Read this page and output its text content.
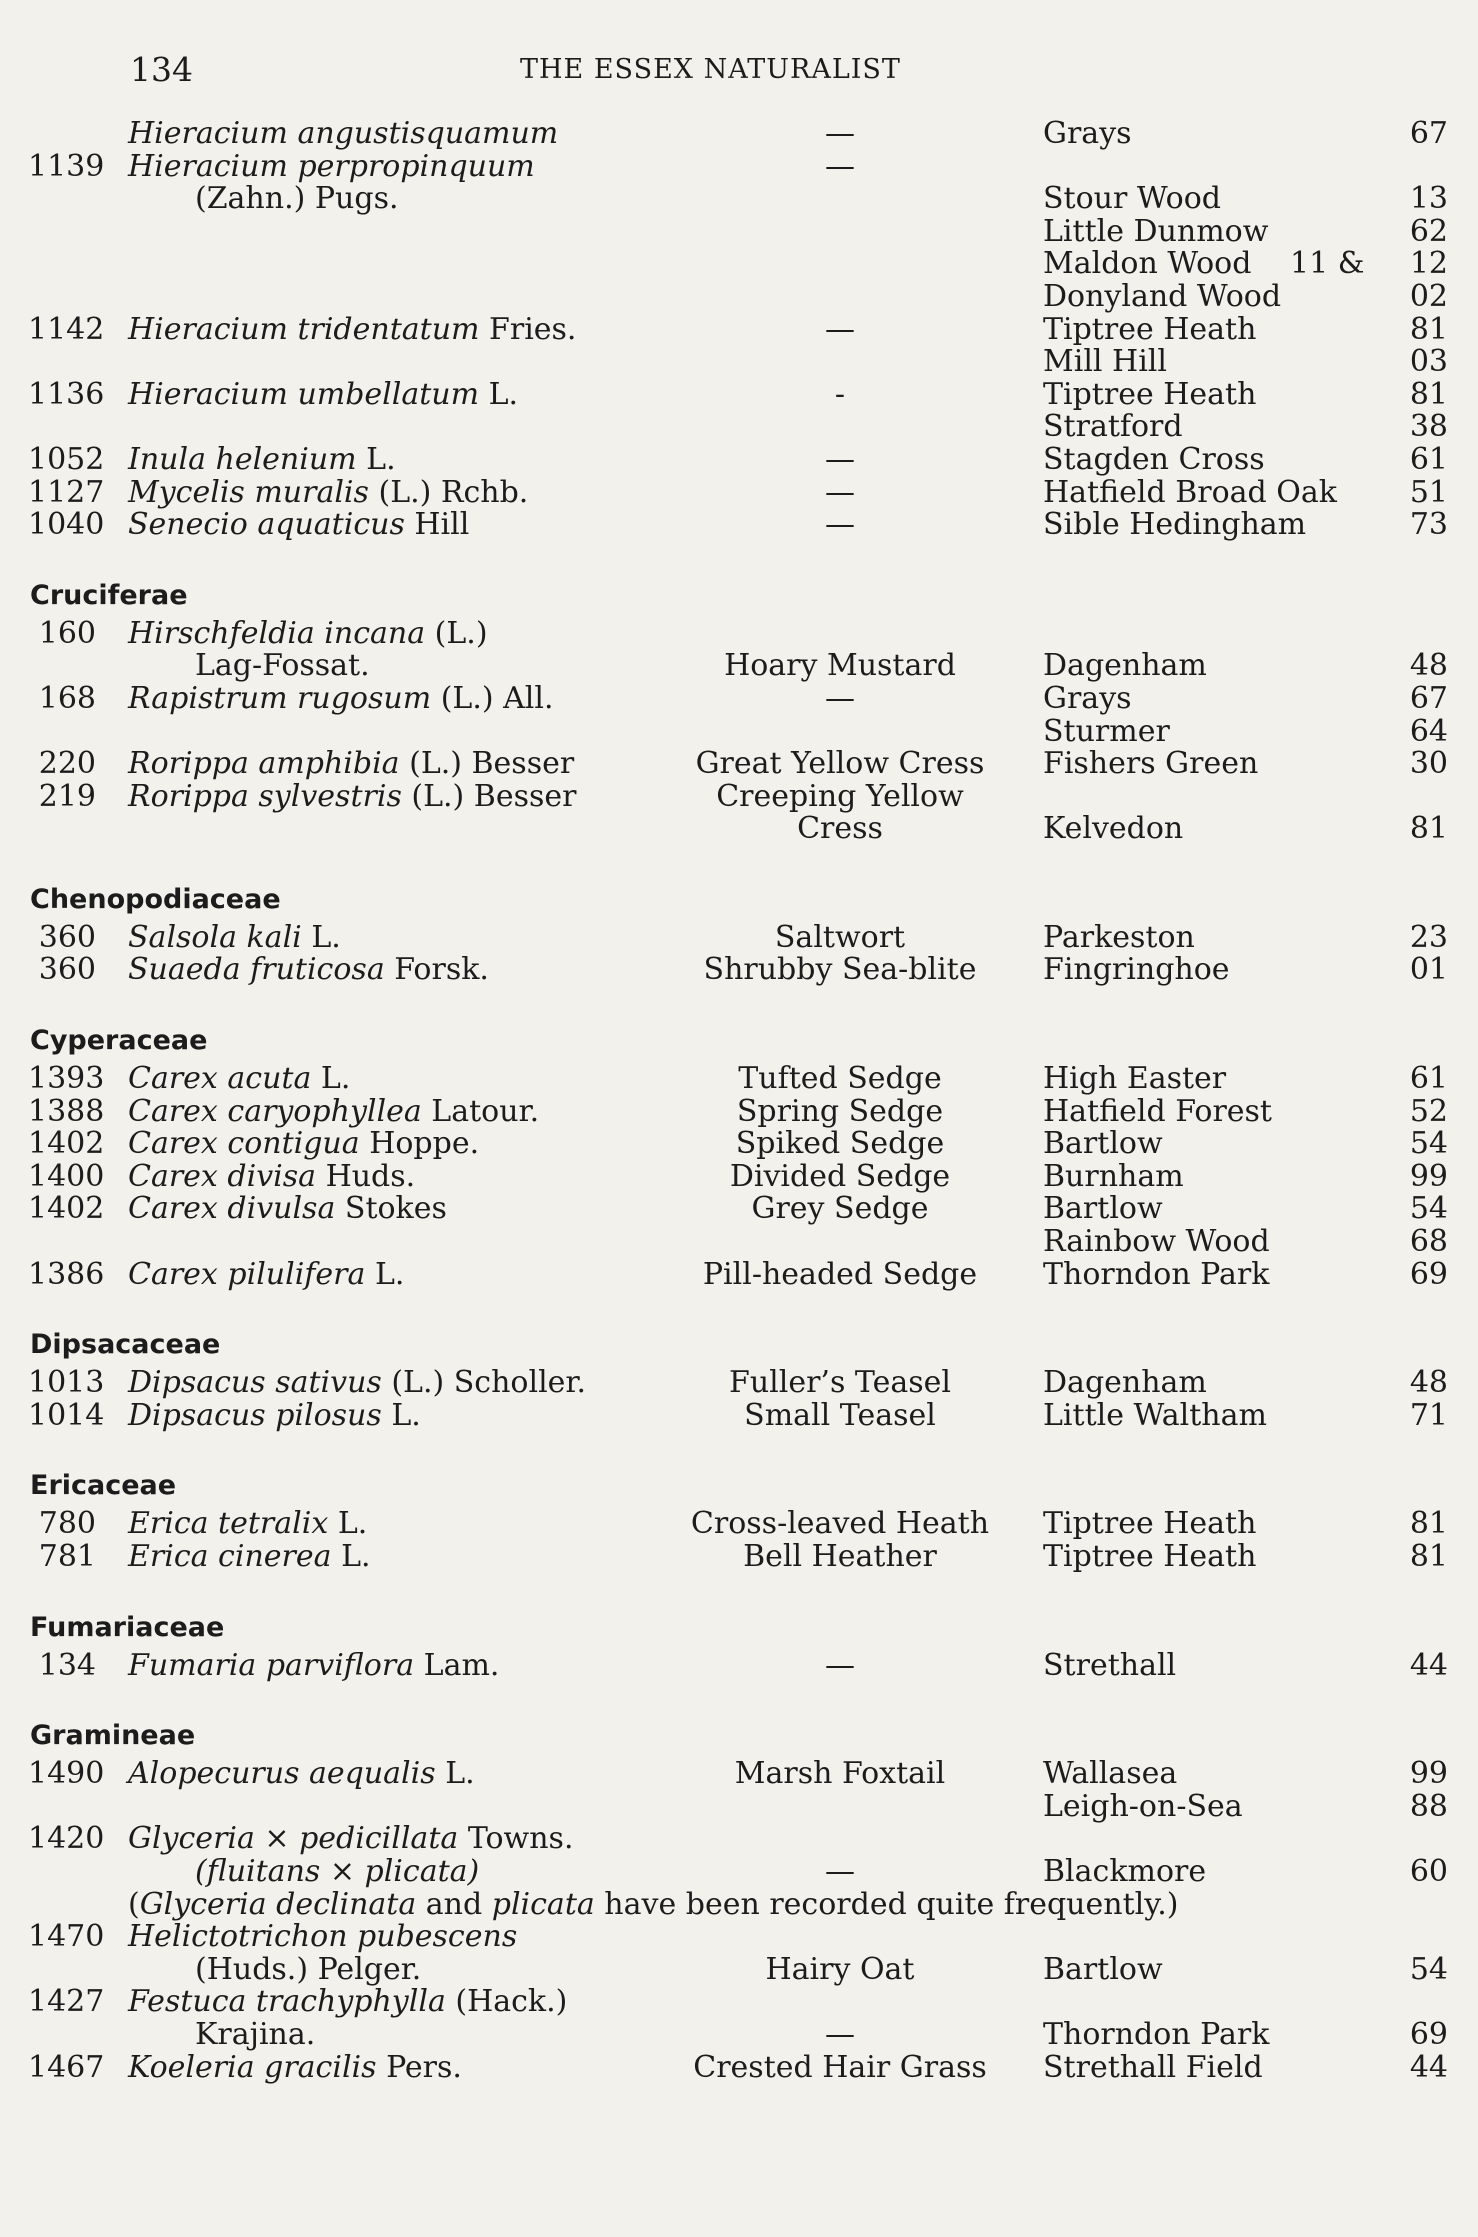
134	THE ESSEX NATURALIST
Hieracium angustisquamum	—	Grays	67
1139 Hieracium perpropinquum	—
(Zahn.) Pugs.	Stour Wood	13
Little Dunmow	62
Maldon Wood 11 &	12
Donyland Wood	02
1142 Hieracium tridentatum Fries.	—	Tiptree Heath	81
Mill Hill	03
1136 Hieracium umbellatum L.	-	Tiptree Heath	81
Stratford	38
1052 Inula helenium L.	—	Stagden Cross	61
1127 Mycelis muralis (L.) Rchb.	—	Hatfield Broad Oak	51
1040 Senecio aquaticus Hill	—	Sible Hedingham	73
Cruciferae
160 Hirschfeldia incana (L.)
Lag-Fossat.	Hoary Mustard	Dagenham	48
168 Rapistrum rugosum (L.) All.	—	Grays	67
Sturmer	64
220 Rorippa amphibia (L.) Besser	Great Yellow Cress	Fishers Green	30
219 Rorippa sylvestris (L.) Besser	Creeping Yellow
Cress	Kelvedon	81
Chenopodiaceae
360 Salsola kali L.	Saltwort	Parkeston	23
360 Suaeda fruticosa Forsk.	Shrubby Sea-blite	Fingringhoe	01
Cyperaceae
1393 Carex acuta L.	Tufted Sedge	High Easter	61
1388 Carex caryophyllea Latour.	Spring Sedge	Hatfield Forest	52
1402 Carex contigua Hoppe.	Spiked Sedge	Bartlow	54
1400 Carex divisa Huds.	Divided Sedge	Burnham	99
1402 Carex divulsa Stokes	Grey Sedge	Bartlow	54
Rainbow Wood	68
1386 Carex pilulifera L.	Pill-headed Sedge	Thorndon Park	69
Dipsacaceae
1013 Dipsacus sativus (L.) Scholler.	Fuller’s Teasel	Dagenham	48
1014 Dipsacus pilosus L.	Small Teasel	Little Waltham	71
Ericaceae
780 Erica tetralix L.	Cross-leaved Heath	Tiptree Heath	81
781 Erica cinerea L.	Bell Heather	Tiptree Heath	81
Fumariaceae
134 Fumaria parviflora Lam.	—	Strethall	44
Gramineae
1490 Alopecurus aequalis L.	Marsh Foxtail	Wallasea	99
Leigh-on-Sea	88
1420 Glyceria × pedicillata Towns.
(fluitans × plicata)	—	Blackmore	60
(Glyceria declinata and plicata have been recorded quite frequently.)
1470 Helictotrichon pubescens
(Huds.) Pelger.	Hairy Oat	Bartlow	54
1427 Festuca trachyphylla (Hack.)
Krajina.	—	Thorndon Park	69
1467 Koeleria gracilis Pers.	Crested Hair Grass	Strethall Field	44
